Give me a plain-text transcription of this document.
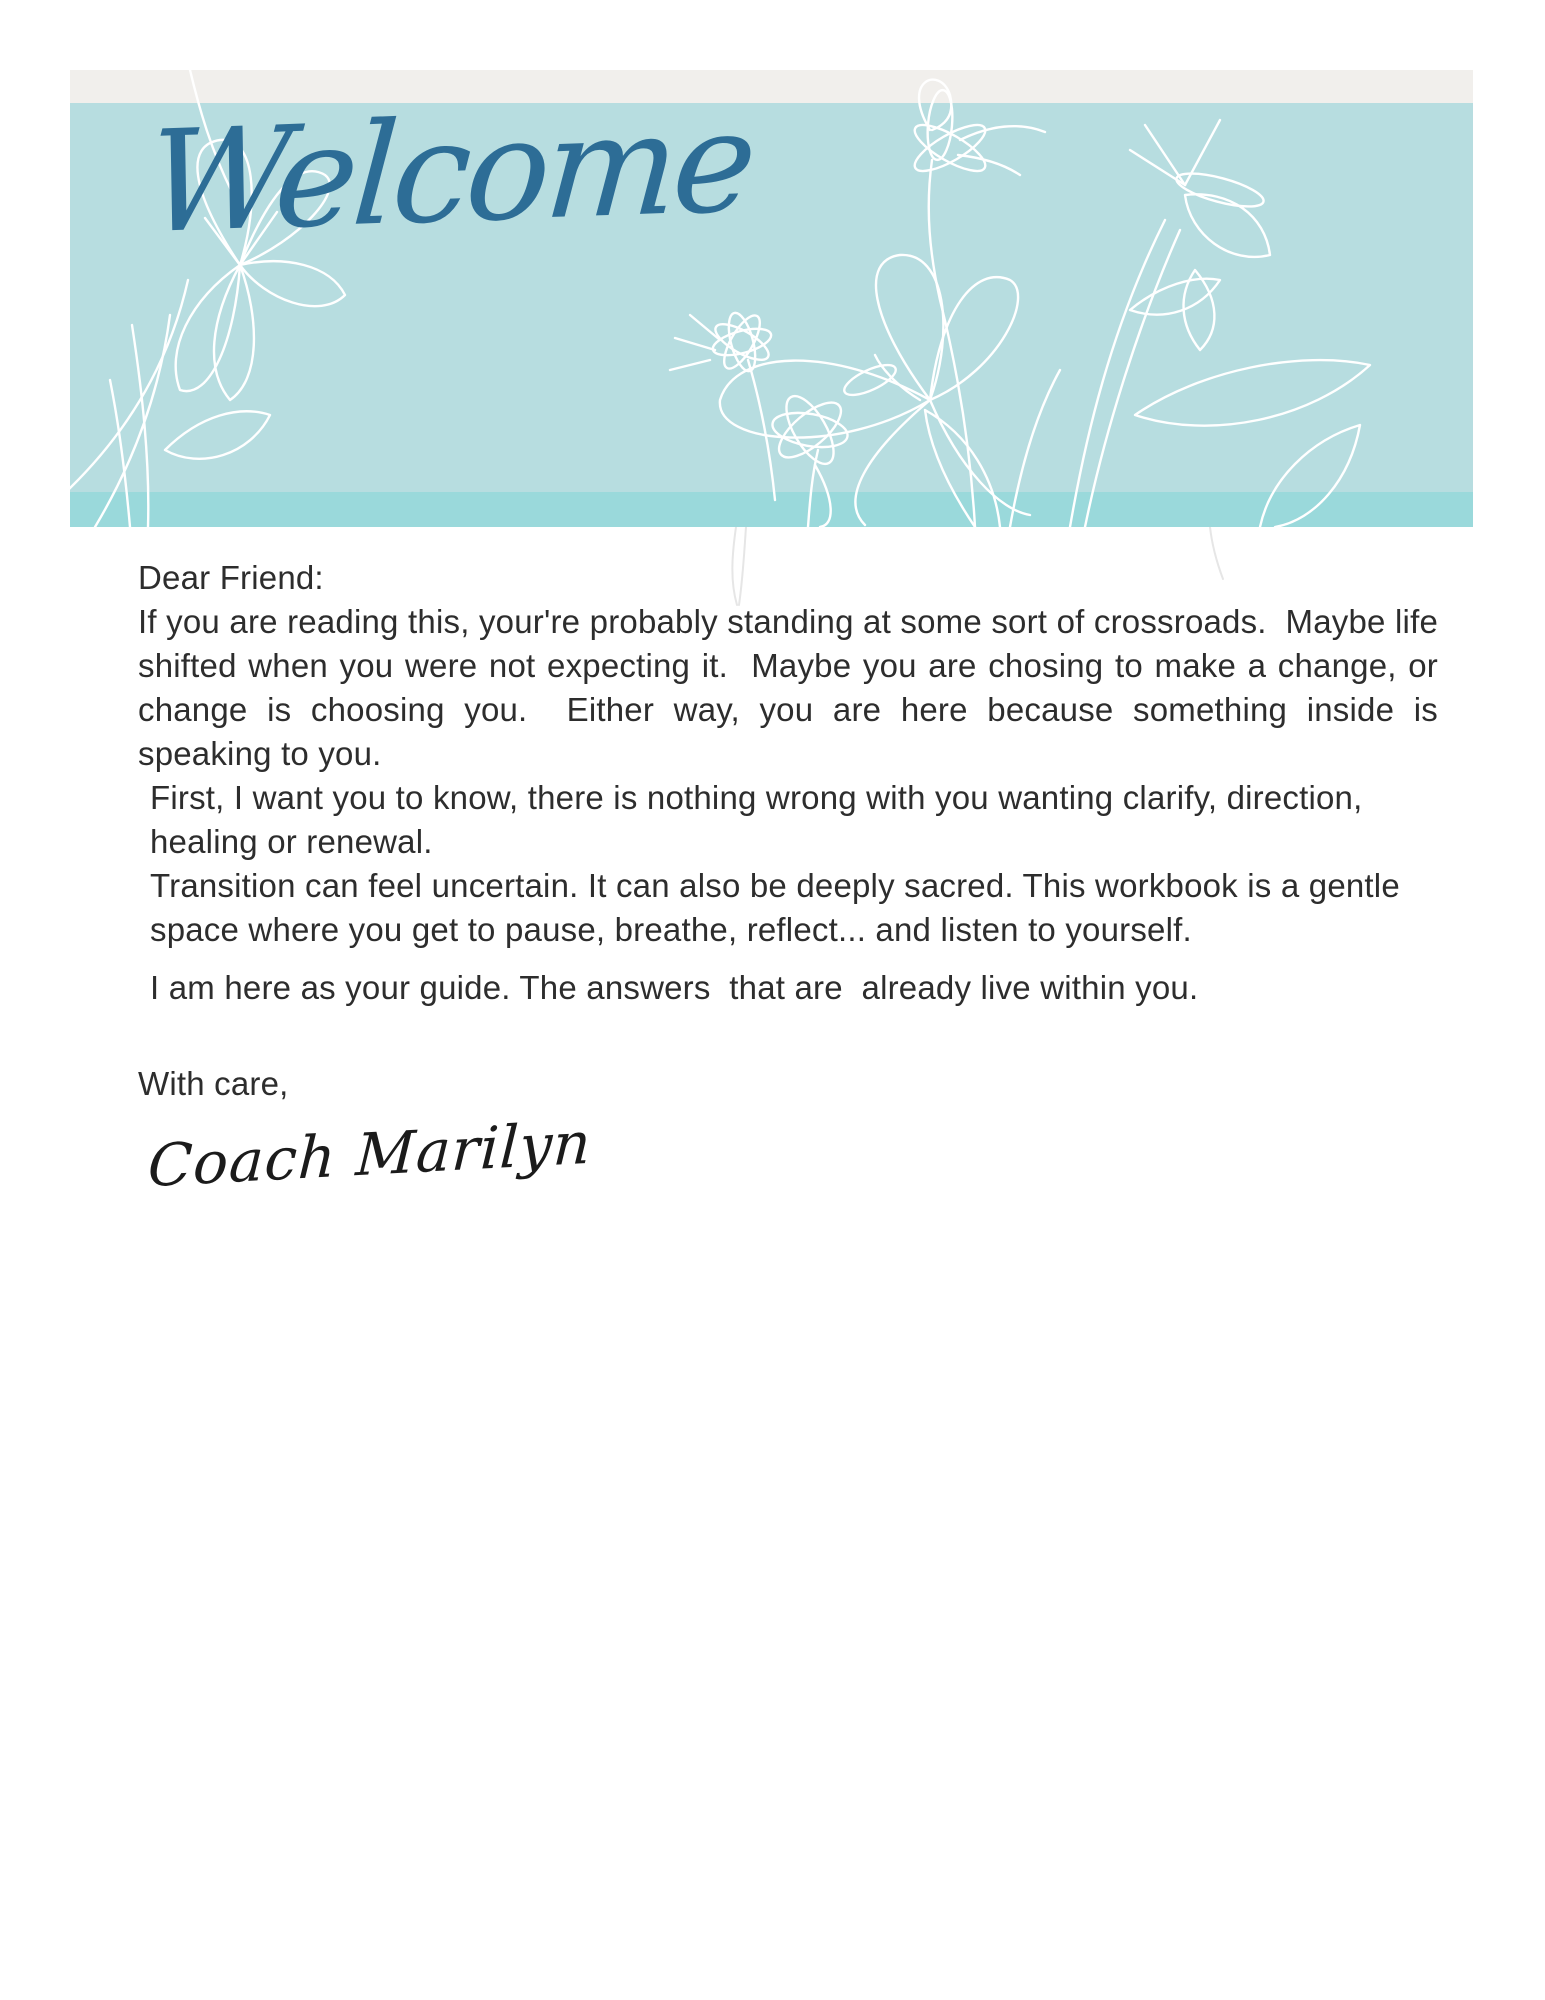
Welcome

Dear Friend:

If you are reading this, your're probably standing at some sort of crossroads.  Maybe life shifted when you were not expecting it.  Maybe you are chosing to make a change, or change is choosing you.  Either way, you are here because something inside is speaking to you.

First, I want you to know, there is nothing wrong with you wanting clarify, direction, healing or renewal.

Transition can feel uncertain. It can also be deeply sacred. This workbook is a gentle space where you get to pause, breathe, reflect... and listen to yourself.

I am here as your guide. The answers  that are  already live within you.

With care,

Coach Marilyn
